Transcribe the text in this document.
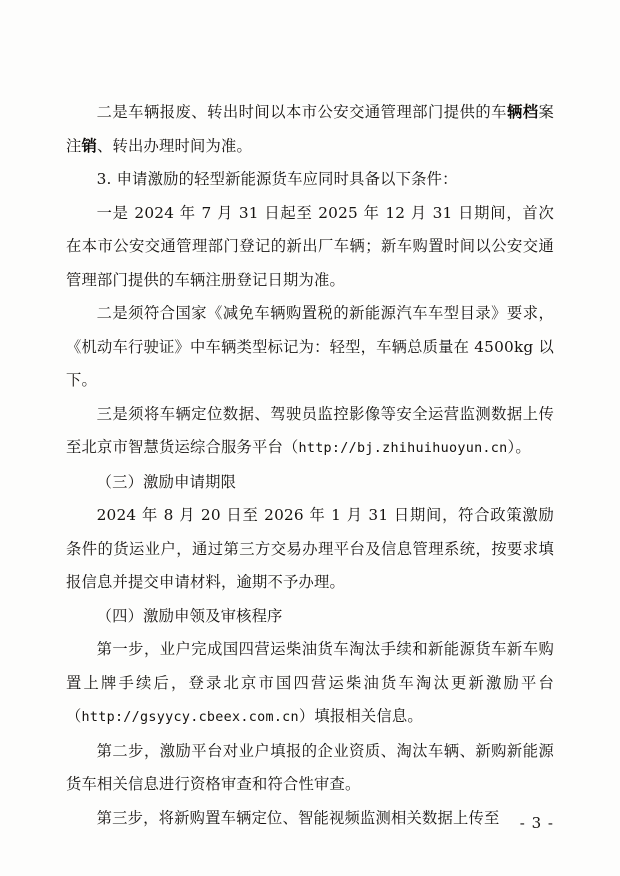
二是车辆报废、转出时间以本市公安交通管理部门提供的车辆档案注销、转出办理时间为准。

3. 申请激励的轻型新能源货车应同时具备以下条件：

一是 2024 年 7 月 31 日起至 2025 年 12 月 31 日期间，首次在本市公安交通管理部门登记的新出厂车辆；新车购置时间以公安交通管理部门提供的车辆注册登记日期为准。

二是须符合国家《减免车辆购置税的新能源汽车车型目录》要求，《机动车行驶证》中车辆类型标记为：轻型，车辆总质量在 4500kg 以下。

三是须将车辆定位数据、驾驶员监控影像等安全运营监测数据上传至北京市智慧货运综合服务平台（http://bj.zhihuihuoyun.cn）。

（三）激励申请期限

2024 年 8 月 20 日至 2026 年 1 月 31 日期间，符合政策激励条件的货运业户，通过第三方交易办理平台及信息管理系统，按要求填报信息并提交申请材料，逾期不予办理。

（四）激励申领及审核程序

第一步，业户完成国四营运柴油货车淘汰手续和新能源货车新车购置上牌手续后，登录北京市国四营运柴油货车淘汰更新激励平台（http://gsyycy.cbeex.com.cn）填报相关信息。

第二步，激励平台对业户填报的企业资质、淘汰车辆、新购新能源货车相关信息进行资格审查和符合性审查。

第三步，将新购置车辆定位、智能视频监测相关数据上传至	- 3 -
